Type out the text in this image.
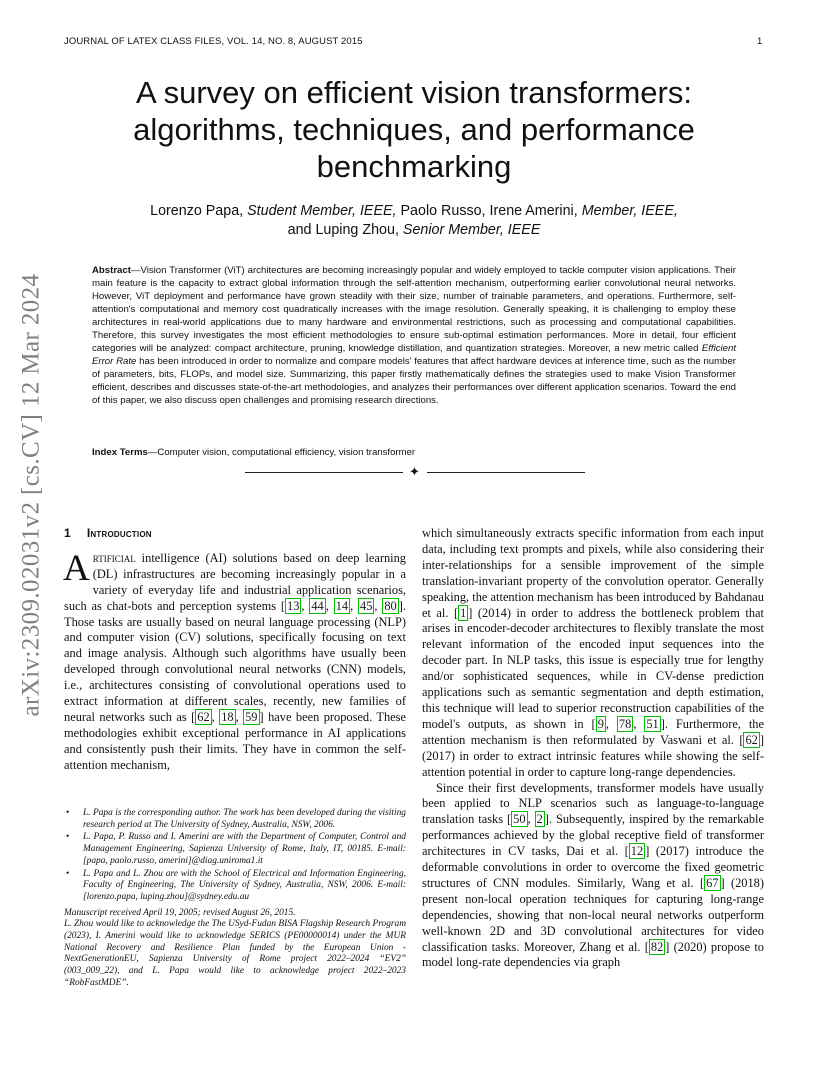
JOURNAL OF LATEX CLASS FILES, VOL. 14, NO. 8, AUGUST 2015	1
arXiv:2309.02031v2 [cs.CV] 12 Mar 2024
A survey on efficient vision transformers: algorithms, techniques, and performance benchmarking
Lorenzo Papa, Student Member, IEEE, Paolo Russo, Irene Amerini, Member, IEEE,
and Luping Zhou, Senior Member, IEEE
Abstract—Vision Transformer (ViT) architectures are becoming increasingly popular and widely employed to tackle computer vision applications. Their main feature is the capacity to extract global information through the self-attention mechanism, outperforming earlier convolutional neural networks. However, ViT deployment and performance have grown steadily with their size, number of trainable parameters, and operations. Furthermore, self-attention's computational and memory cost quadratically increases with the image resolution. Generally speaking, it is challenging to employ these architectures in real-world applications due to many hardware and environmental restrictions, such as processing and computational capabilities. Therefore, this survey investigates the most efficient methodologies to ensure sub-optimal estimation performances. More in detail, four efficient categories will be analyzed: compact architecture, pruning, knowledge distillation, and quantization strategies. Moreover, a new metric called Efficient Error Rate has been introduced in order to normalize and compare models' features that affect hardware devices at inference time, such as the number of parameters, bits, FLOPs, and model size. Summarizing, this paper firstly mathematically defines the strategies used to make Vision Transformer efficient, describes and discusses state-of-the-art methodologies, and analyzes their performances over different application scenarios. Toward the end of this paper, we also discuss open challenges and promising research directions.
Index Terms—Computer vision, computational efficiency, vision transformer
✦
1 Introduction

Artificial intelligence (AI) solutions based on deep learning (DL) infrastructures are becoming increasingly popular in a variety of everyday life and industrial application scenarios, such as chat-bots and perception systems [ 13 , 44 , 14 , 45 , 80 ]. Those tasks are usually based on neural language processing (NLP) and computer vision (CV) solutions, specifically focusing on text and image analysis. Although such algorithms have usually been developed through convolutional neural networks (CNN) models, i.e., architectures consisting of convolutional operations used to extract information at different scales, recently, new families of neural networks such as [ 62 , 18 , 59 ] have been proposed. These methodologies exhibit exceptional performance in AI applications and consistently push their limits. They have in common the self-attention mechanism,

• L. Papa is the corresponding author. The work has been developed during the visiting research period at The University of Sydney, Australia, NSW, 2006.
• L. Papa, P. Russo and I. Amerini are with the Department of Computer, Control and Management Engineering, Sapienza University of Rome, Italy, IT, 00185. E-mail: [papa, paolo.russo, amerini]@diag.uniroma1.it
• L. Papa and L. Zhou are with the School of Electrical and Information Engineering, Faculty of Engineering, The University of Sydney, Australia, NSW, 2006. E-mail: [lorenzo.papa, luping.zhou]@sydney.edu.au
Manuscript received April 19, 2005; revised August 26, 2015.
L. Zhou would like to acknowledge the The USyd-Fudan BISA Flagship Research Program (2023), I. Amerini would like to acknowledge SERICS (PE00000014) under the MUR National Recovery and Resilience Plan funded by the European Union - NextGenerationEU, Sapienza University of Rome project 2022–2024 “EV2” (003_009_22), and L. Papa would like to acknowledge project 2022–2023 “RobFastMDE”.

which simultaneously extracts specific information from each input data, including text prompts and pixels, while also considering their inter-relationships for a sensible improvement of the simple translation-invariant property of the convolution operator. Generally speaking, the attention mechanism has been introduced by Bahdanau et al. [ 1 ] (2014) in order to address the bottleneck problem that arises in encoder-decoder architectures to flexibly translate the most relevant information of the encoded input sequences into the decoder part. In NLP tasks, this issue is especially true for lengthy and/or sophisticated sequences, while in CV-dense prediction applications such as semantic segmentation and depth estimation, this technique will lead to superior reconstruction capabilities of the model's outputs, as shown in [ 9 , 78 , 51 ]. Furthermore, the attention mechanism is then reformulated by Vaswani et al. [ 62 ] (2017) in order to extract intrinsic features while showing the self-attention potential in order to capture long-range dependencies.

Since their first developments, transformer models have usually been applied to NLP scenarios such as language-to-language translation tasks [ 50 , 2 ]. Subsequently, inspired by the remarkable performances achieved by the global receptive field of transformer architectures in CV tasks, Dai et al. [ 12 ] (2017) introduce the deformable convolutions in order to overcome the fixed geometric structures of CNN modules. Similarly, Wang et al. [ 67 ] (2018) present non-local operation techniques for capturing long-range dependencies, showing that non-local neural networks outperform well-known 2D and 3D convolutional architectures for video classification tasks. Moreover, Zhang et al. [ 82 ] (2020) propose to model long-rate dependencies via graph
